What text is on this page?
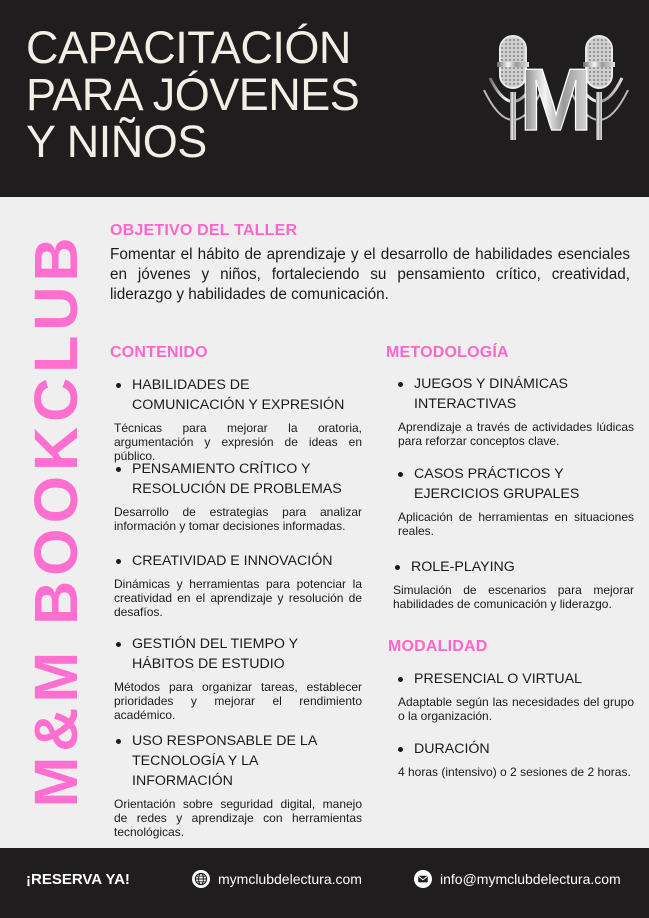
CAPACITACIÓN
PARA JÓVENES
Y NIÑOS	M
M&M BOOKCLUB
OBJETIVO DEL TALLER

Fomentar el hábito de aprendizaje y el desarrollo de habilidades esenciales en jóvenes y niños, fortaleciendo su pensamiento crítico, creatividad, liderazgo y habilidades de comunicación.

CONTENIDO
HABILIDADES DE COMUNICACIÓN Y EXPRESIÓN
Técnicas para mejorar la oratoria, argumentación y expresión de ideas en público.
PENSAMIENTO CRÍTICO Y RESOLUCIÓN DE PROBLEMAS
Desarrollo de estrategias para analizar información y tomar decisiones informadas.
CREATIVIDAD E INNOVACIÓN
Dinámicas y herramientas para potenciar la creatividad en el aprendizaje y resolución de desafíos.
GESTIÓN DEL TIEMPO Y HÁBITOS DE ESTUDIO
Métodos para organizar tareas, establecer prioridades y mejorar el rendimiento académico.
USO RESPONSABLE DE LA TECNOLOGÍA Y LA INFORMACIÓN
Orientación sobre seguridad digital, manejo de redes y aprendizaje con herramientas tecnológicas.
METODOLOGÍA
JUEGOS Y DINÁMICAS INTERACTIVAS
Aprendizaje a través de actividades lúdicas para reforzar conceptos clave.
CASOS PRÁCTICOS Y EJERCICIOS GRUPALES
Aplicación de herramientas en situaciones reales.
ROLE-PLAYING
Simulación de escenarios para mejorar habilidades de comunicación y liderazgo.
MODALIDAD
PRESENCIAL O VIRTUAL
Adaptable según las necesidades del grupo o la organización.
DURACIÓN
4 horas (intensivo) o 2 sesiones de 2 horas.
¡RESERVA YA!	mymclubdelectura.com	info@mymclubdelectura.com
